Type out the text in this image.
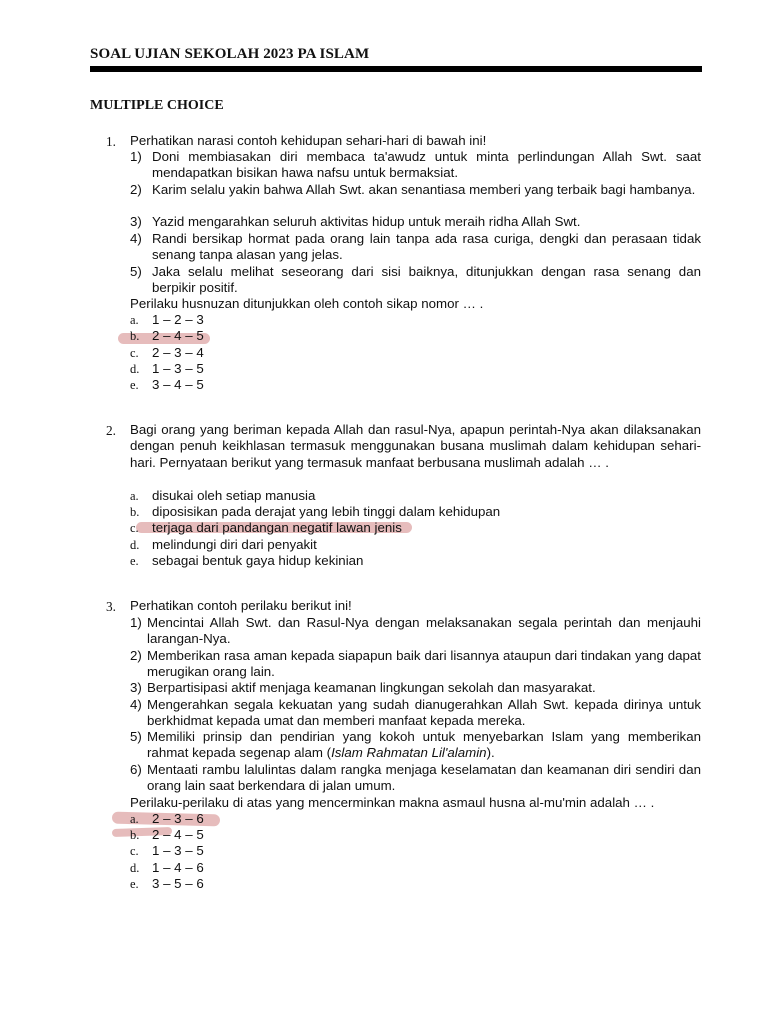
SOAL UJIAN SEKOLAH 2023 PA ISLAM
MULTIPLE CHOICE
1. Perhatikan narasi contoh kehidupan sehari-hari di bawah ini!
1) Doni membiasakan diri membaca ta'awudz untuk minta perlindungan Allah Swt. saat mendapatkan bisikan hawa nafsu untuk bermaksiat.
2) Karim selalu yakin bahwa Allah Swt. akan senantiasa memberi yang terbaik bagi hambanya.
3) Yazid mengarahkan seluruh aktivitas hidup untuk meraih ridha Allah Swt.
4) Randi bersikap hormat pada orang lain tanpa ada rasa curiga, dengki dan perasaan tidak senang tanpa alasan yang jelas.
5) Jaka selalu melihat seseorang dari sisi baiknya, ditunjukkan dengan rasa senang dan berpikir positif.
Perilaku husnuzan ditunjukkan oleh contoh sikap nomor … .
a. 1 – 2 – 3
b. 2 – 4 – 5
c. 2 – 3 – 4
d. 1 – 3 – 5
e. 3 – 4 – 5
2. Bagi orang yang beriman kepada Allah dan rasul-Nya, apapun perintah-Nya akan dilaksanakan dengan penuh keikhlasan termasuk menggunakan busana muslimah dalam kehidupan sehari-hari. Pernyataan berikut yang termasuk manfaat berbusana muslimah adalah … .
a. disukai oleh setiap manusia
b. diposisikan pada derajat yang lebih tinggi dalam kehidupan
c. terjaga dari pandangan negatif lawan jenis
d. melindungi diri dari penyakit
e. sebagai bentuk gaya hidup kekinian
3. Perhatikan contoh perilaku berikut ini!
1) Mencintai Allah Swt. dan Rasul-Nya dengan melaksanakan segala perintah dan menjauhi larangan-Nya.
2) Memberikan rasa aman kepada siapapun baik dari lisannya ataupun dari tindakan yang dapat merugikan orang lain.
3) Berpartisipasi aktif menjaga keamanan lingkungan sekolah dan masyarakat.
4) Mengerahkan segala kekuatan yang sudah dianugerahkan Allah Swt. kepada dirinya untuk berkhidmat kepada umat dan memberi manfaat kepada mereka.
5) Memiliki prinsip dan pendirian yang kokoh untuk menyebarkan Islam yang memberikan rahmat kepada segenap alam (Islam Rahmatan Lil'alamin).
6) Mentaati rambu lalulintas dalam rangka menjaga keselamatan dan keamanan diri sendiri dan orang lain saat berkendara di jalan umum.
Perilaku-perilaku di atas yang mencerminkan makna asmaul husna al-mu'min adalah … .
a. 2 – 3 – 6
b. 2 – 4 – 5
c. 1 – 3 – 5
d. 1 – 4 – 6
e. 3 – 5 – 6
